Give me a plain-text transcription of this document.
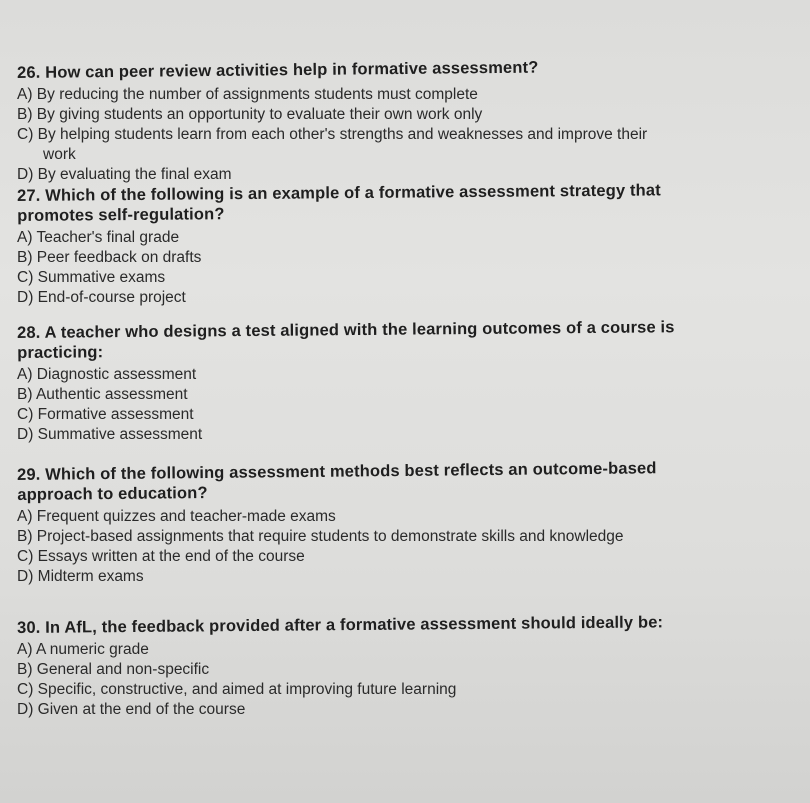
26. How can peer review activities help in formative assessment?

A) By reducing the number of assignments students must complete

B) By giving students an opportunity to evaluate their own work only

C) By helping students learn from each other's strengths and weaknesses and improve their

work

D) By evaluating the final exam

27. Which of the following is an example of a formative assessment strategy that
promotes self-regulation?

A) Teacher's final grade

B) Peer feedback on drafts

C) Summative exams

D) End-of-course project

28. A teacher who designs a test aligned with the learning outcomes of a course is
practicing:

A) Diagnostic assessment

B) Authentic assessment

C) Formative assessment

D) Summative assessment

29. Which of the following assessment methods best reflects an outcome-based
approach to education?

A) Frequent quizzes and teacher-made exams

B) Project-based assignments that require students to demonstrate skills and knowledge

C) Essays written at the end of the course

D) Midterm exams

30. In AfL, the feedback provided after a formative assessment should ideally be:

A) A numeric grade

B) General and non-specific

C) Specific, constructive, and aimed at improving future learning

D) Given at the end of the course
